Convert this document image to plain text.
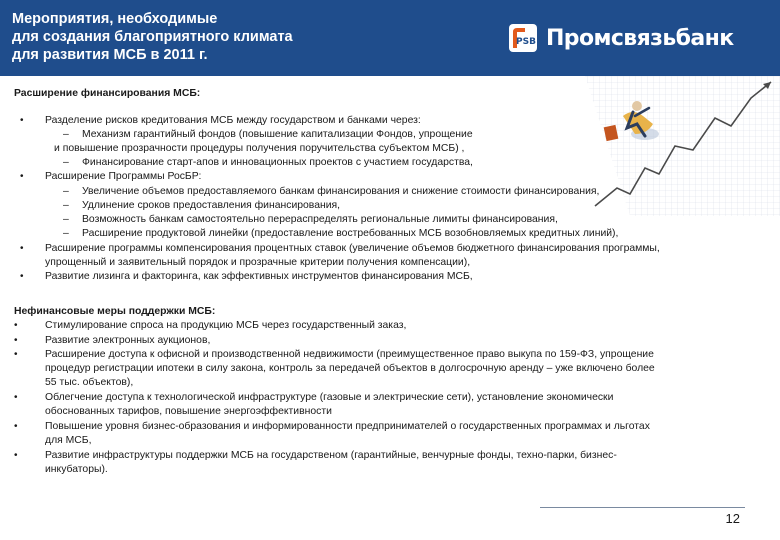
Мероприятия, необходимые
для создания благоприятного климата
для развития МСБ в 2011 г.
PSB Промсвязьбанк
Расширение финансирования МСБ:
• Разделение рисков кредитования МСБ между государством и банками через:
– Механизм гарантийный фондов (повышение капитализации Фондов, упрощение
и повышение прозрачности процедуры получения поручительства субъектом МСБ) ,
– Финансирование старт-апов и инновационных проектов с участием государства,
• Расширение Программы РосБР:
– Увеличение объемов предоставляемого банкам финансирования и снижение стоимости финансирования,
– Удлинение сроков предоставления финансирования,
– Возможность банкам самостоятельно перераспределять региональные лимиты финансирования,
– Расширение продуктовой линейки (предоставление востребованных МСБ возобновляемых кредитных линий),
• Расширение программы компенсирования процентных ставок (увеличение объемов бюджетного финансирования программы,
упрощенный и заявительный порядок и прозрачные критерии получения компенсации),
• Развитие лизинга и факторинга, как эффективных инструментов финансирования МСБ,
Нефинансовые меры поддержки МСБ:
•	Стимулирование спроса на продукцию МСБ через государственный заказ,
•	Развитие электронных аукционов,
•	Расширение доступа к офисной и производственной недвижимости (преимущественное право выкупа по 159-ФЗ, упрощение
процедур регистрации ипотеки в силу закона, контроль за передачей объектов в долгосрочную аренду – уже включено более
55 тыс. объектов),
•	Облегчение доступа к технологической инфраструктуре (газовые и электрические сети), установление экономически
обоснованных тарифов, повышение энергоэффективности
•	Повышение уровня бизнес-образования и информированности предпринимателей о государственных программах и льготах
для МСБ,
•	Развитие инфраструктуры поддержки МСБ на государственом (гарантийные, венчурные фонды, техно-парки, бизнес-
инкубаторы).
12
